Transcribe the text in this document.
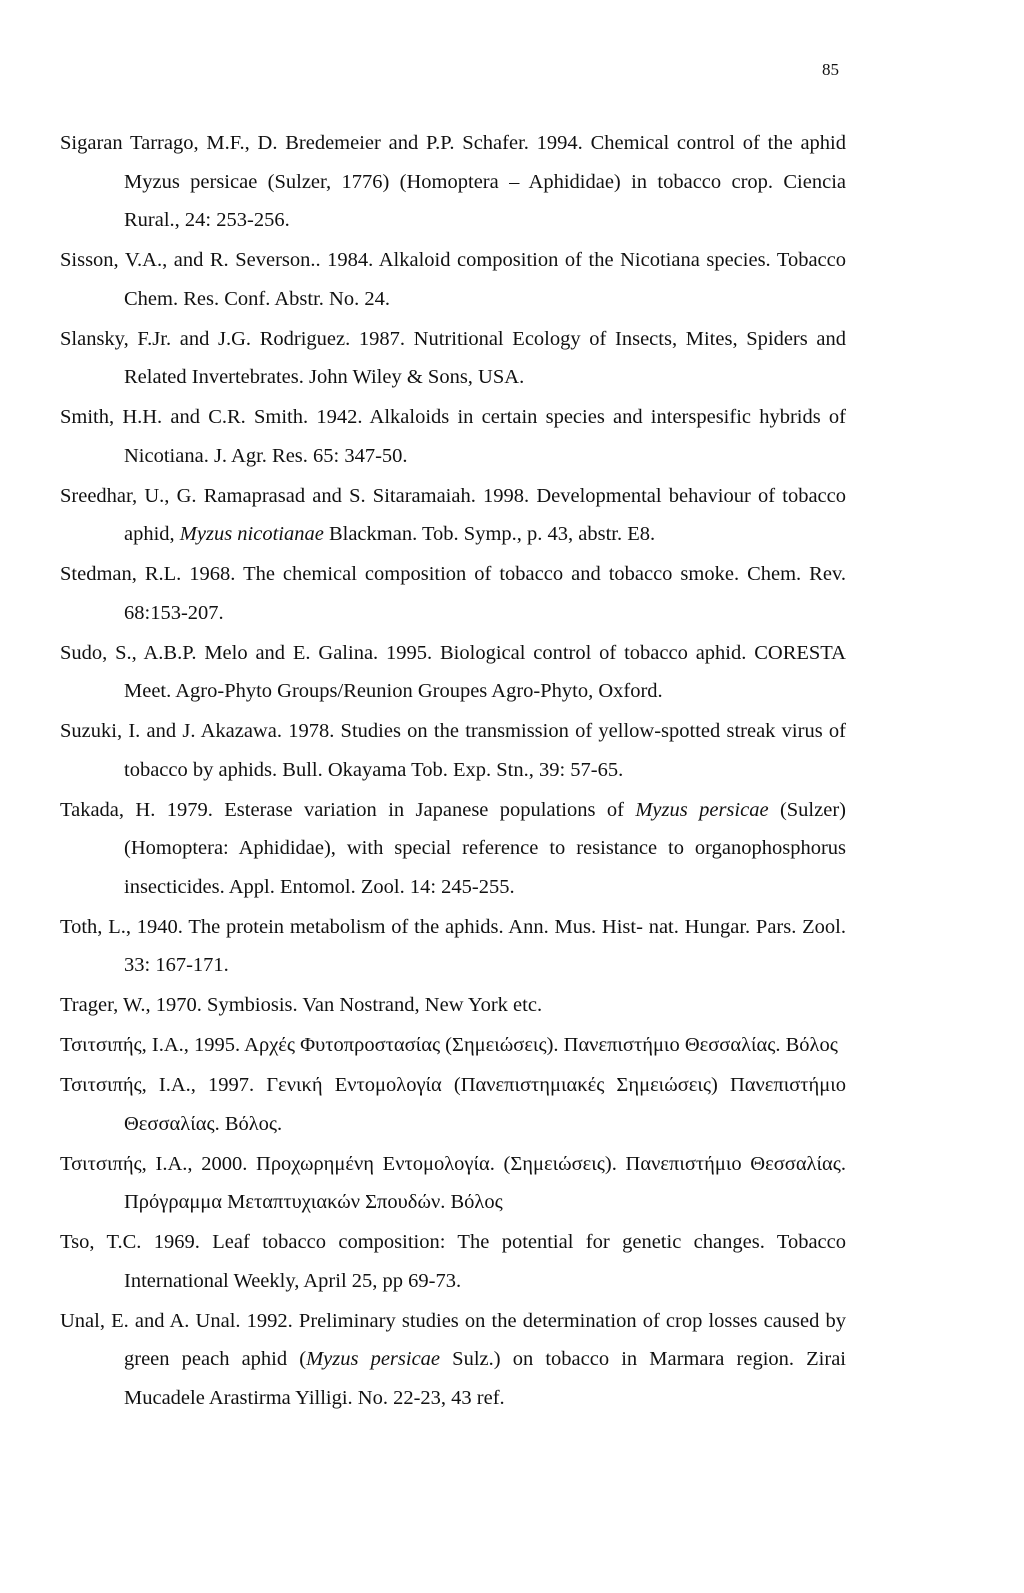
85
Sigaran Tarrago, M.F., D. Bredemeier and P.P. Schafer. 1994. Chemical control of the aphid Myzus persicae (Sulzer, 1776) (Homoptera – Aphididae) in tobacco crop. Ciencia Rural., 24: 253-256.
Sisson, V.A., and R. Severson.. 1984. Alkaloid composition of the Nicotiana species. Tobacco Chem. Res. Conf. Abstr. No. 24.
Slansky, F.Jr. and J.G. Rodriguez. 1987. Nutritional Ecology of Insects, Mites, Spiders and Related Invertebrates. John Wiley & Sons, USA.
Smith, H.H. and C.R. Smith. 1942. Alkaloids in certain species and interspesific hybrids of Nicotiana. J. Agr. Res. 65: 347-50.
Sreedhar, U., G. Ramaprasad and S. Sitaramaiah. 1998. Developmental behaviour of tobacco aphid, Myzus nicotianae Blackman. Tob. Symp., p. 43, abstr. E8.
Stedman, R.L. 1968. The chemical composition of tobacco and tobacco smoke. Chem. Rev. 68:153-207.
Sudo, S., A.B.P. Melo and E. Galina. 1995. Biological control of tobacco aphid. CORESTA Meet. Agro-Phyto Groups/Reunion Groupes Agro-Phyto, Oxford.
Suzuki, I. and J. Akazawa. 1978. Studies on the transmission of yellow-spotted streak virus of tobacco by aphids. Bull. Okayama Tob. Exp. Stn., 39: 57-65.
Takada, H. 1979. Esterase variation in Japanese populations of Myzus persicae (Sulzer) (Homoptera: Aphididae), with special reference to resistance to organophosphorus insecticides. Appl. Entomol. Zool. 14: 245-255.
Toth, L., 1940. The protein metabolism of the aphids. Ann. Mus. Hist- nat. Hungar. Pars. Zool. 33: 167-171.
Trager, W., 1970. Symbiosis. Van Nostrand, New York etc.
Τσιτσιπής, Ι.Α., 1995. Αρχές Φυτοπροστασίας (Σημειώσεις). Πανεπιστήμιο Θεσσαλίας. Βόλος
Τσιτσιπής, Ι.Α., 1997. Γενική Εντομολογία (Πανεπιστημιακές Σημειώσεις) Πανεπιστήμιο Θεσσαλίας. Βόλος.
Τσιτσιπής, Ι.Α., 2000. Προχωρημένη Εντομολογία. (Σημειώσεις). Πανεπιστήμιο Θεσσαλίας. Πρόγραμμα Μεταπτυχιακών Σπουδών. Βόλος
Tso, T.C. 1969. Leaf tobacco composition: The potential for genetic changes. Tobacco International Weekly, April 25, pp 69-73.
Unal, E. and A. Unal. 1992. Preliminary studies on the determination of crop losses caused by green peach aphid (Myzus persicae Sulz.) on tobacco in Marmara region. Zirai Mucadele Arastirma Yilligi. No. 22-23, 43 ref.
